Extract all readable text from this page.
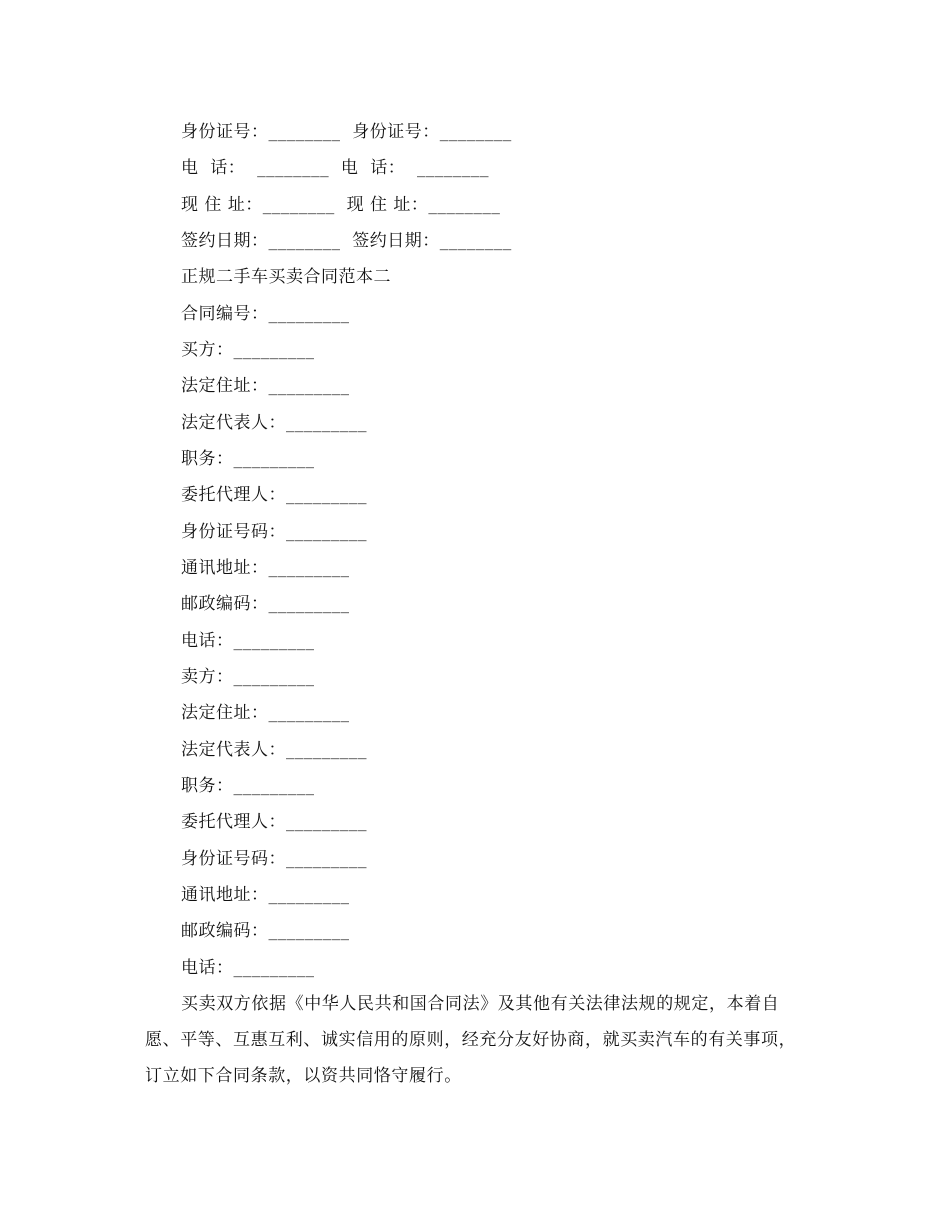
身份证号：________  身份证号：________
电  话：  ________  电  话：  ________
现 住 址：________  现 住 址：________
签约日期：________  签约日期：________
正规二手车买卖合同范本二
合同编号：_________
买方：_________
法定住址：_________
法定代表人：_________
职务：_________
委托代理人：_________
身份证号码：_________
通讯地址：_________
邮政编码：_________
电话：_________
卖方：_________
法定住址：_________
法定代表人：_________
职务：_________
委托代理人：_________
身份证号码：_________
通讯地址：_________
邮政编码：_________
电话：_________
买卖双方依据《中华人民共和国合同法》及其他有关法律法规的规定，本着自愿、平等、互惠互利、诚实信用的原则，经充分友好协商，就买卖汽车的有关事项，订立如下合同条款，以资共同恪守履行。
